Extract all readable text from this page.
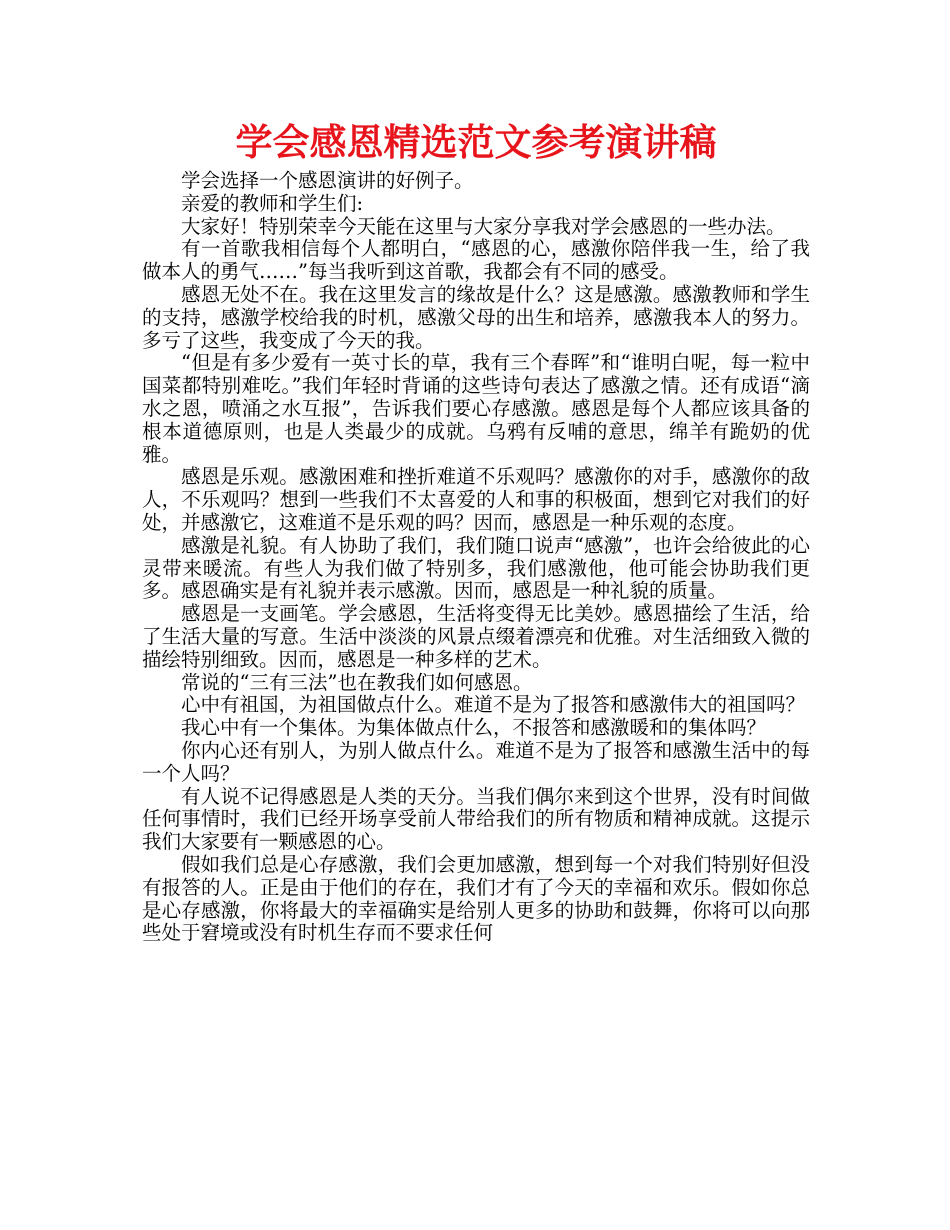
学会感恩精选范文参考演讲稿

学会选择一个感恩演讲的好例子。

亲爱的教师和学生们:

大家好！特别荣幸今天能在这里与大家分享我对学会感恩的一些办法。

有一首歌我相信每个人都明白，“感恩的心，感激你陪伴我一生，给了我做本人的勇气……”每当我听到这首歌，我都会有不同的感受。

感恩无处不在。我在这里发言的缘故是什么？这是感激。感激教师和学生的支持，感激学校给我的时机，感激父母的出生和培养，感激我本人的努力。多亏了这些，我变成了今天的我。

“但是有多少爱有一英寸长的草，我有三个春晖”和“谁明白呢，每一粒中国菜都特别难吃。”我们年轻时背诵的这些诗句表达了感激之情。还有成语“滴水之恩，喷涌之水互报”，告诉我们要心存感激。感恩是每个人都应该具备的根本道德原则，也是人类最少的成就。乌鸦有反哺的意思，绵羊有跪奶的优雅。

感恩是乐观。感激困难和挫折难道不乐观吗？感激你的对手，感激你的敌人，不乐观吗？想到一些我们不太喜爱的人和事的积极面，想到它对我们的好处，并感激它，这难道不是乐观的吗？因而，感恩是一种乐观的态度。

感激是礼貌。有人协助了我们，我们随口说声“感激”，也许会给彼此的心灵带来暖流。有些人为我们做了特别多，我们感激他，他可能会协助我们更多。感恩确实是有礼貌并表示感激。因而，感恩是一种礼貌的质量。

感恩是一支画笔。学会感恩，生活将变得无比美妙。感恩描绘了生活，给了生活大量的写意。生活中淡淡的风景点缀着漂亮和优雅。对生活细致入微的描绘特别细致。因而，感恩是一种多样的艺术。

常说的“三有三法”也在教我们如何感恩。

心中有祖国，为祖国做点什么。难道不是为了报答和感激伟大的祖国吗？

我心中有一个集体。为集体做点什么，不报答和感激暖和的集体吗？

你内心还有别人，为别人做点什么。难道不是为了报答和感激生活中的每一个人吗？

有人说不记得感恩是人类的天分。当我们偶尔来到这个世界，没有时间做任何事情时，我们已经开场享受前人带给我们的所有物质和精神成就。这提示我们大家要有一颗感恩的心。

假如我们总是心存感激，我们会更加感激，想到每一个对我们特别好但没有报答的人。正是由于他们的存在，我们才有了今天的幸福和欢乐。假如你总是心存感激，你将最大的幸福确实是给别人更多的协助和鼓舞，你将可以向那些处于窘境或没有时机生存而不要求任何
